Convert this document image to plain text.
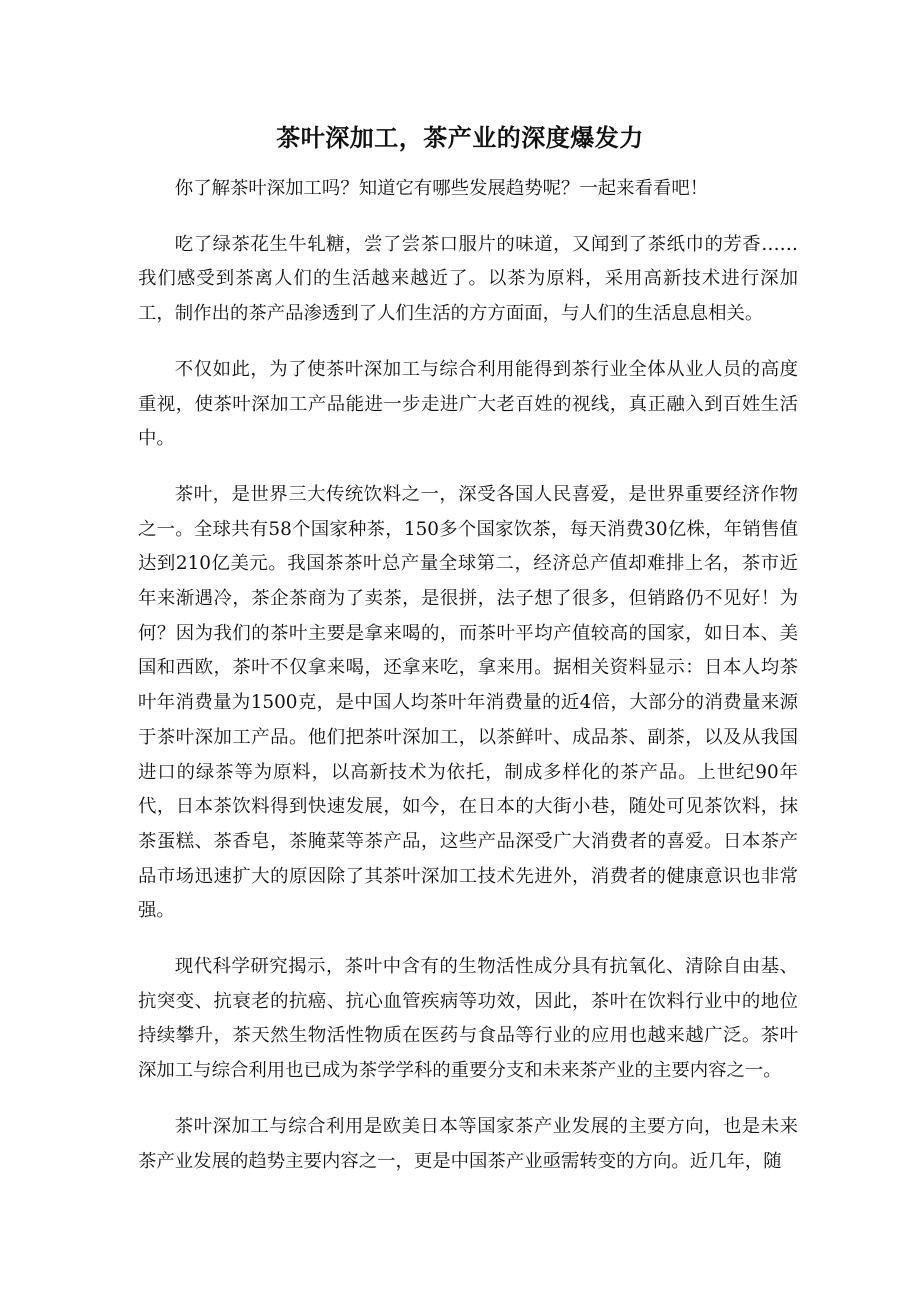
茶叶深加工，茶产业的深度爆发力

你了解茶叶深加工吗？知道它有哪些发展趋势呢？一起来看看吧！

吃了绿茶花生牛轧糖，尝了尝茶口服片的味道，又闻到了茶纸巾的芳香……我们感受到茶离人们的生活越来越近了。以茶为原料，采用高新技术进行深加工，制作出的茶产品渗透到了人们生活的方方面面，与人们的生活息息相关。

不仅如此，为了使茶叶深加工与综合利用能得到茶行业全体从业人员的高度重视，使茶叶深加工产品能进一步走进广大老百姓的视线，真正融入到百姓生活中。

茶叶，是世界三大传统饮料之一，深受各国人民喜爱，是世界重要经济作物之一。全球共有58个国家种茶，150多个国家饮茶，每天消费30亿株，年销售值达到210亿美元。我国茶茶叶总产量全球第二，经济总产值却难排上名，茶市近年来渐遇冷，茶企茶商为了卖茶，是很拼，法子想了很多，但销路仍不见好！为何？因为我们的茶叶主要是拿来喝的，而茶叶平均产值较高的国家，如日本、美国和西欧，茶叶不仅拿来喝，还拿来吃，拿来用。据相关资料显示：日本人均茶叶年消费量为1500克，是中国人均茶叶年消费量的近4倍，大部分的消费量来源于茶叶深加工产品。他们把茶叶深加工，以茶鲜叶、成品茶、副茶，以及从我国进口的绿茶等为原料，以高新技术为依托，制成多样化的茶产品。上世纪90年代，日本茶饮料得到快速发展，如今，在日本的大街小巷，随处可见茶饮料，抹茶蛋糕、茶香皂，茶腌菜等茶产品，这些产品深受广大消费者的喜爱。日本茶产品市场迅速扩大的原因除了其茶叶深加工技术先进外，消费者的健康意识也非常强。

现代科学研究揭示，茶叶中含有的生物活性成分具有抗氧化、清除自由基、抗突变、抗衰老的抗癌、抗心血管疾病等功效，因此，茶叶在饮料行业中的地位持续攀升，茶天然生物活性物质在医药与食品等行业的应用也越来越广泛。茶叶深加工与综合利用也已成为茶学学科的重要分支和未来茶产业的主要内容之一。

茶叶深加工与综合利用是欧美日本等国家茶产业发展的主要方向，也是未来茶产业发展的趋势主要内容之一，更是中国茶产业亟需转变的方向。近几年，随
